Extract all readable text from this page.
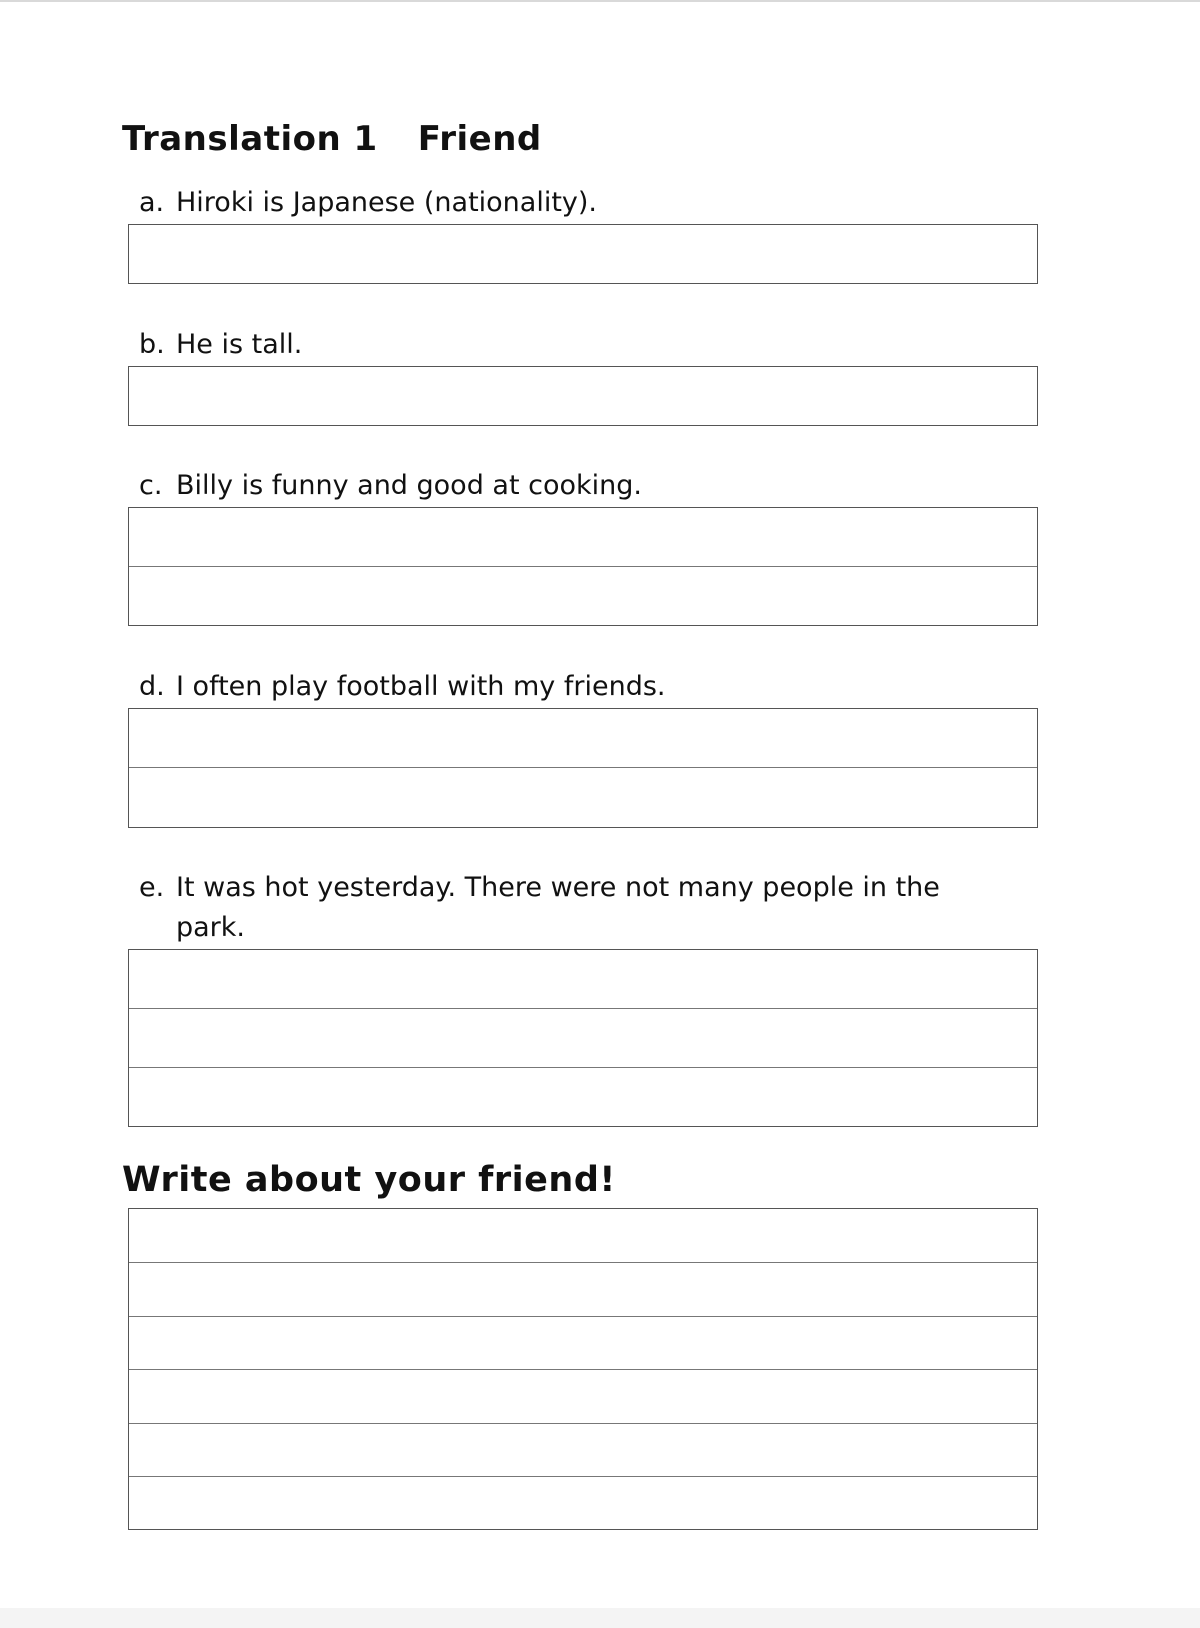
Translation 1 Friend
a. Hiroki is Japanese (nationality).
b. He is tall.
c. Billy is funny and good at cooking.
d. I often play football with my friends.
e. It was hot yesterday. There were not many people in the park.
Write about your friend!
